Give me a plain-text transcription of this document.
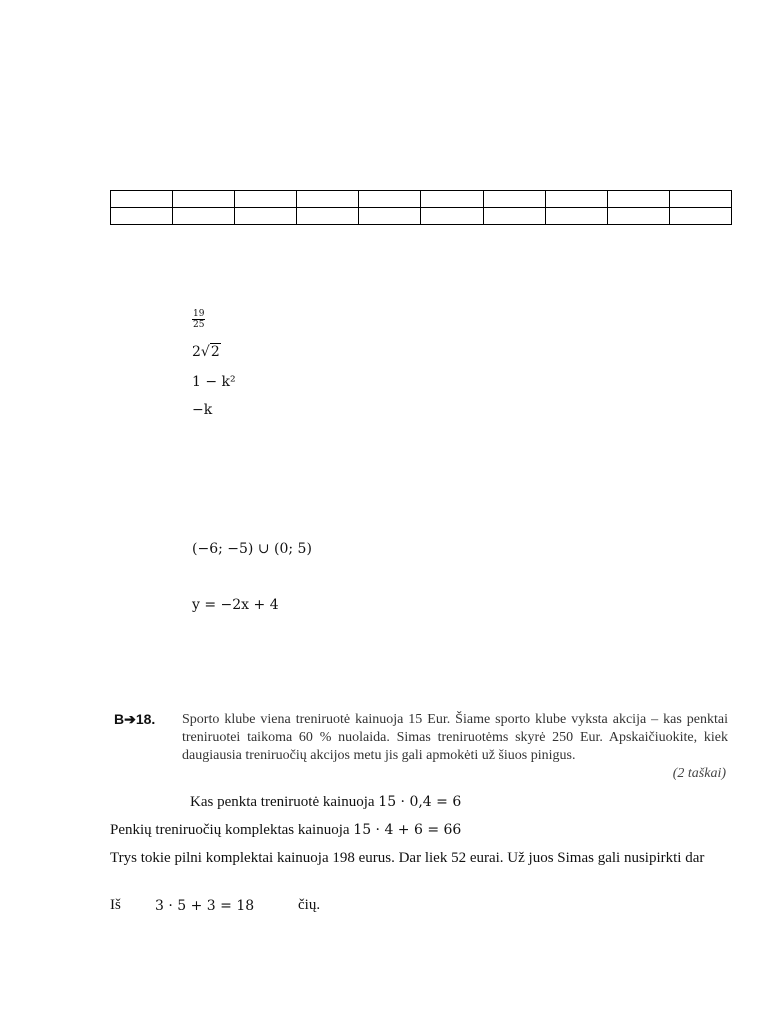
$\frac{19}{25}$
2√2
1 − k²
−k
(−6; −5) ∪ (0; 5)
y = −2x + 4
B➔18. Sporto klube viena treniruotė kainuoja 15 Eur. Šiame sporto klube vyksta akcija – kas penktai treniruotei taikoma 60 % nuolaida. Simas treniruotėms skyrė 250 Eur. Apskaičiuokite, kiek daugiausia treniruočių akcijos metu jis gali apmokėti už šiuos pinigus.
(2 taškai)
Kas penkta treniruotė kainuoja 15 · 0,4 = 6
Penkių treniruočių komplektas kainuoja 15 · 4 + 6 = 66
Trys tokie pilni komplektai kainuoja 198 eurus. Dar liek 52 eurai. Už juos Simas gali nusipirkti dar
Iš 3 · 5 + 3 = 18	čių.
